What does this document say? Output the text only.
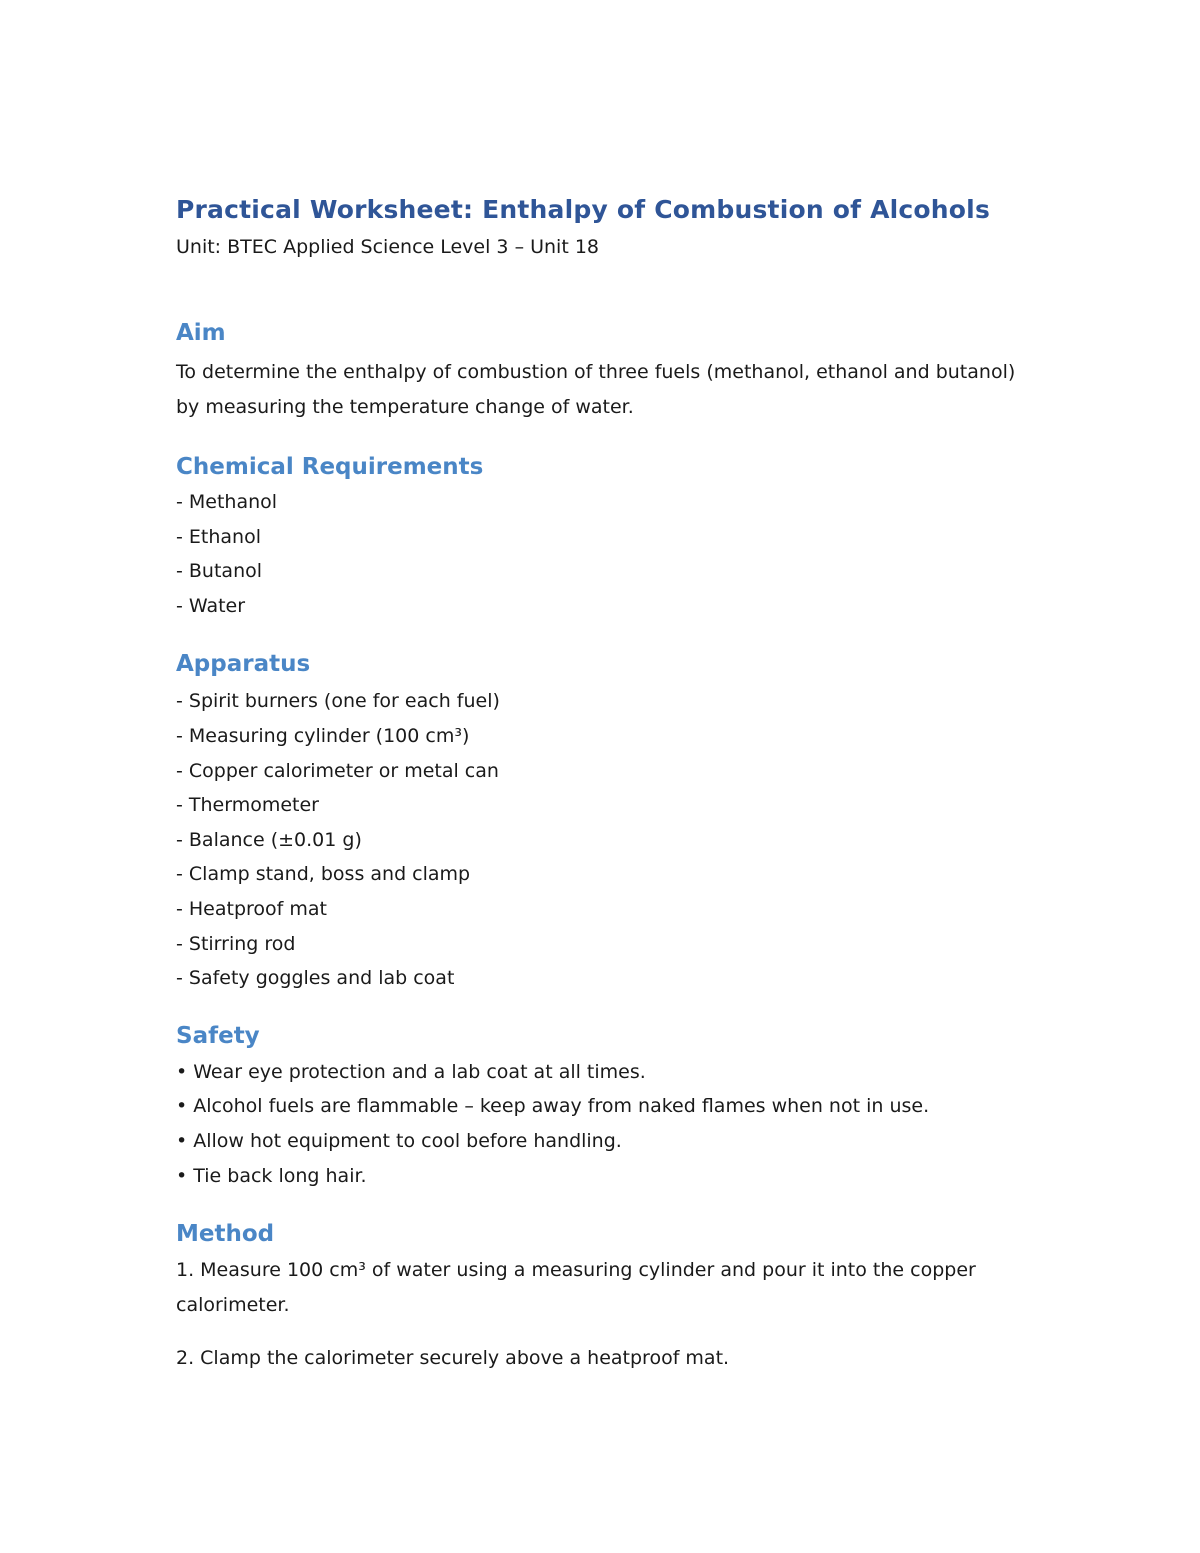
Practical Worksheet: Enthalpy of Combustion of Alcohols

Unit: BTEC Applied Science Level 3 – Unit 18

Aim

To determine the enthalpy of combustion of three fuels (methanol, ethanol and butanol) by measuring the temperature change of water.

Chemical Requirements
- Methanol
- Ethanol
- Butanol
- Water
Apparatus
- Spirit burners (one for each fuel)
- Measuring cylinder (100 cm³)
- Copper calorimeter or metal can
- Thermometer
- Balance (±0.01 g)
- Clamp stand, boss and clamp
- Heatproof mat
- Stirring rod
- Safety goggles and lab coat
Safety
• Wear eye protection and a lab coat at all times.
• Alcohol fuels are flammable – keep away from naked flames when not in use.
• Allow hot equipment to cool before handling.
• Tie back long hair.
Method

1. Measure 100 cm³ of water using a measuring cylinder and pour it into the copper calorimeter.

2. Clamp the calorimeter securely above a heatproof mat.
